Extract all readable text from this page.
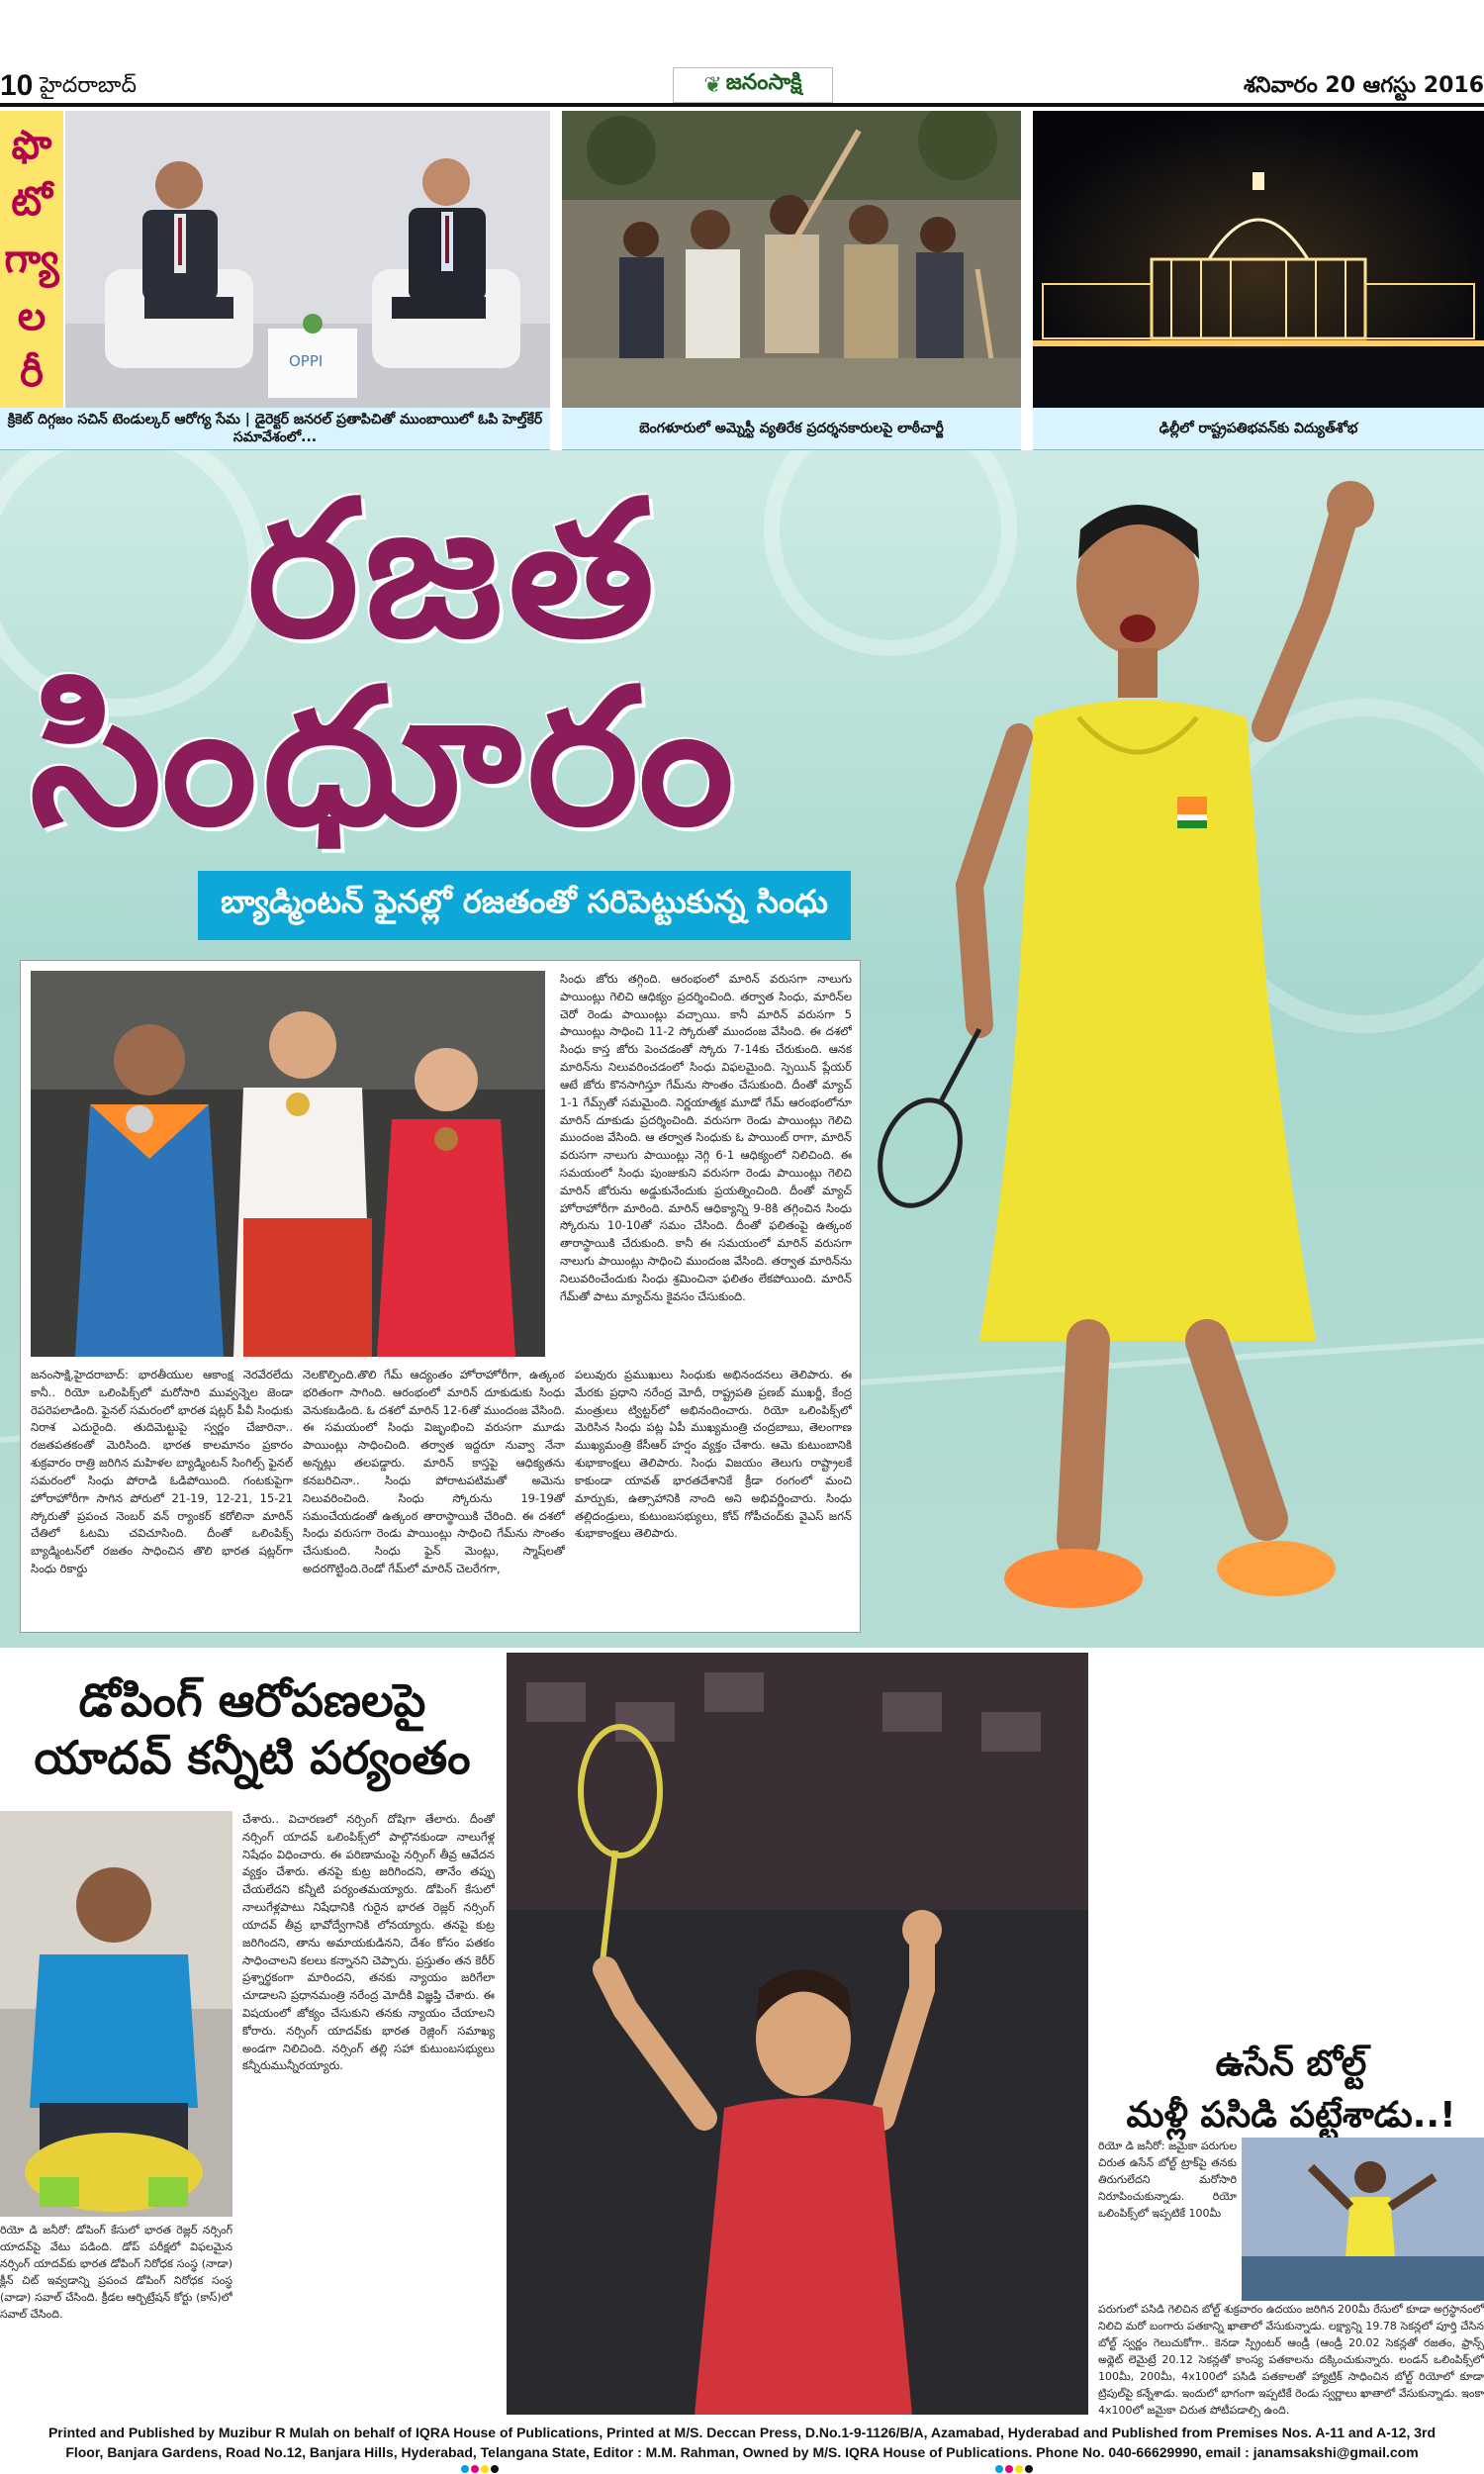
10 హైదరాబాద్	❦ జనంసాక్షి	శనివారం 20 ఆగస్టు 2016
ఫొ
టో
గ్యా
ల
రీ	OPPI
క్రికెట్ దిగ్గజం సచిన్ టెండుల్కర్ ఆరోగ్య సేమ | డైరెక్టర్ జనరల్ ప్రతాపిచితో ముంబాయిలో ఓపి హెల్త్‌కేర్ సమావేశంలో...
బెంగళూరులో అమ్నెస్టీ వ్యతిరేక ప్రదర్శనకారులపై లాఠీచార్జీ	ఢిల్లీలో రాష్ట్రపతిభవన్‌కు విద్యుత్‌శోభ
రజత
సింధూరం
బ్యాడ్మింటన్ ఫైనల్లో రజతంతో సరిపెట్టుకున్న సింధు
సింధు జోరు తగ్గింది. ఆరంభంలో మారిన్ వరుసగా నాలుగు పాయింట్లు గెలిచి ఆధిక్యం ప్రదర్శించింది. తర్వాత సింధు, మారిన్‌ల చెరో రెండు పాయింట్లు వచ్చాయి. కానీ మారిన్ వరుసగా 5 పాయింట్లు సాధించి 11-2 స్కోరుతో ముందంజ వేసింది. ఈ దశలో సింధు కాస్త జోరు పెంచడంతో స్కోరు 7-14కు చేరుకుంది. ఆనక మారిన్‌ను నిలువరించడంలో సింధు విఫలమైంది. స్పెయిన్ ప్లేయర్ ఆటే జోరు కొనసాగిస్తూ గేమ్‌ను సొంతం చేసుకుంది. దీంతో మ్యాచ్ 1-1 గేమ్స్‌తో సమమైంది. నిర్ణయాత్మక మూడో గేమ్ ఆరంభంలోనూ మారిన్ దూకుడు ప్రదర్శించింది. వరుసగా రెండు పాయింట్లు గెలిచి ముందంజ వేసింది. ఆ తర్వాత సింధుకు ఓ పాయింట్ రాగా, మారిన్ వరుసగా నాలుగు పాయింట్లు నెగ్గి 6-1 ఆధిక్యంలో నిలిచింది. ఈ సమయంలో సింధు పుంజుకుని వరుసగా రెండు పాయింట్లు గెలిచి మారిన్ జోరును అడ్డుకునేందుకు ప్రయత్నించింది. దీంతో మ్యాచ్ హోరాహోరీగా మారింది. మారిన్ ఆధిక్యాన్ని 9-8కి తగ్గించిన సింధు స్కోరును 10-10తో సమం చేసింది. దీంతో ఫలితంపై ఉత్కంఠ తారాస్థాయికి చేరుకుంది. కానీ ఈ సమయంలో మారిన్ వరుసగా నాలుగు పాయింట్లు సాధించి ముందంజ వేసింది. తర్వాత మారిన్‌ను నిలువరించేందుకు సింధు శ్రమించినా ఫలితం లేకపోయింది. మారిన్ గేమ్‌తో పాటు మ్యాచ్‌ను కైవసం చేసుకుంది.
జనంసాక్షి,హైదరాబాద్: భారతీయుల ఆకాంక్ష నెరవేరలేదు కానీ.. రియో ఒలింపిక్స్‌లో మరోసారి మువ్వన్నెల జెండా రెపరెపలాడింది. ఫైనల్ సమరంలో భారత షట్లర్ పీవీ సింధుకు నిరాశ ఎదురైంది. తుదిమెట్టుపై స్వర్ణం చేజారినా.. రజతపతకంతో మెరిసింది. భారత కాలమానం ప్రకారం శుక్రవారం రాత్రి జరిగిన మహిళల బ్యాడ్మింటన్ సింగిల్స్ ఫైనల్ సమరంలో సింధు పోరాడి ఓడిపోయింది. గంటకుపైగా హోరాహోరీగా సాగిన పోరులో 21-19, 12-21, 15-21 స్కోరుతో ప్రపంచ నెంబర్ వన్ ర్యాంకర్ కరోలినా మారిన్ చేతిలో ఓటమి చవిచూసింది. దీంతో ఒలింపిక్స్ బ్యాడ్మింటన్‌లో రజతం సాధించిన తొలి భారత షట్లర్‌గా సింధు రికార్డు
నెలకొల్పింది.తొలి గేమ్ ఆద్యంతం హోరాహోరీగా, ఉత్కంఠ భరితంగా సాగింది. ఆరంభంలో మారిన్ దూకుడుకు సింధు వెనుకబడింది. ఓ దశలో మారిన్ 12-6తో ముందంజ వేసింది. ఈ సమయంలో సింధు విజృంభించి వరుసగా మూడు పాయింట్లు సాధించింది. తర్వాత ఇద్దరూ నువ్వా నేనా అన్నట్లు తలపడ్డారు. మారిన్ కాస్తపై ఆధిక్యతను కనబరిచినా.. సింధు పోరాటపటిమతో అమెను నిలువరించింది. సింధు స్కోరును 19-19తో సమంచేయడంతో ఉత్కంఠ తారాస్థాయికి చేరింది. ఈ దశలో సింధు వరుసగా రెండు పాయింట్లు సాధించి గేమ్‌ను సొంతం చేసుకుంది. సింధు ఫైన్ మెంట్లు, స్మాష్‌లతో అదరగొట్టింది.రెండో గేమ్‌లో మారిన్ చెలరేగగా,
పలువురు ప్రముఖులు సింధుకు అభినందనలు తెలిపారు. ఈ మేరకు ప్రధాని నరేంద్ర మోదీ, రాష్ట్రపతి ప్రణబ్ ముఖర్జీ, కేంద్ర మంత్రులు ట్విట్టర్‌లో అభినందించారు. రియో ఒలింపిక్స్‌లో మెరిసిన సింధు పట్ల ఏపీ ముఖ్యమంత్రి చంద్రబాబు, తెలంగాణ ముఖ్యమంత్రి కేసీఆర్ హర్షం వ్యక్తం చేశారు. ఆమె కుటుంబానికి శుభాకాంక్షలు తెలిపారు. సింధు విజయం తెలుగు రాష్ట్రాలకే కాకుండా యావత్ భారతదేశానికే క్రీడా రంగంలో మంచి మార్పుకు, ఉత్సాహానికి నాంది అని అభివర్ణించారు. సింధు తల్లిదండ్రులు, కుటుంబసభ్యులు, కోచ్ గోపీచంద్‌కు వైఎస్ జగన్ శుభాకాంక్షలు తెలిపారు.
డోపింగ్ ఆరోపణలపై
యాదవ్ కన్నీటి పర్యంతం
రియో డి జనీరో: డోపింగ్ కేసులో భారత రెజ్లర్ నర్సింగ్ యాదవ్‌పై వేటు పడింది. డోప్ పరీక్షలో విఫలమైన నర్సింగ్ యాదవ్‌కు భారత డోపింగ్ నిరోధక సంస్థ (నాడా) క్లీన్ చిట్ ఇవ్వడాన్ని ప్రపంచ డోపింగ్ నిరోధక సంస్థ (వాడా) సవాల్ చేసింది. క్రీడల ఆర్బిట్రేషన్ కోర్టు (కాస్)లో సవాల్ చేసింది.
చేశారు.. విచారణలో నర్సింగ్ దోషిగా తేలారు. దీంతో నర్సింగ్ యాదవ్ ఒలింపిక్స్‌లో పాల్గొనకుండా నాలుగేళ్ల నిషేధం విధించారు. ఈ పరిణామంపై నర్సింగ్ తీవ్ర ఆవేదన వ్యక్తం చేశారు. తనపై కుట్ర జరిగిందని, తానేం తప్పు చేయలేదని కన్నీటి పర్యంతమయ్యారు. డోపింగ్ కేసులో నాలుగేళ్లపాటు నిషేధానికి గురైన భారత రెజ్లర్ నర్సింగ్ యాదవ్ తీవ్ర భావోద్వేగానికి లోనయ్యారు. తనపై కుట్ర జరిగిందని, తాను అమాయకుడినని, దేశం కోసం పతకం సాధించాలని కలలు కన్నానని చెప్పారు. ప్రస్తుతం తన కెరీర్ ప్రశ్నార్థకంగా మారిందని, తనకు న్యాయం జరిగేలా చూడాలని ప్రధానమంత్రి నరేంద్ర మోదీకి విజ్ఞప్తి చేశారు. ఈ విషయంలో జోక్యం చేసుకుని తనకు న్యాయం చేయాలని కోరారు. నర్సింగ్ యాదవ్‌కు భారత రెజ్లింగ్ సమాఖ్య అండగా నిలిచింది. నర్సింగ్ తల్లి సహా కుటుంబసభ్యులు కన్నీరుమున్నీరయ్యారు.	ఉసేన్ బోల్ట్
మళ్లీ పసిడి పట్టేశాడు..!
రియో డి జనీరో: జమైకా పరుగుల చిరుత ఉసేన్ బోల్ట్ ట్రాక్‌పై తనకు తిరుగులేదని మరోసారి నిరూపించుకున్నాడు. రియో ఒలింపిక్స్‌లో ఇప్పటికే 100మీ
పరుగులో పసిడి గెలిచిన బోల్ట్ శుక్రవారం ఉదయం జరిగిన 200మీ రేసులో కూడా అగ్రస్థానంలో నిలిచి మరో బంగారు పతకాన్ని ఖాతాలో వేసుకున్నాడు. లక్ష్యాన్ని 19.78 సెకన్లలో పూర్తి చేసిన బోల్ట్ స్వర్ణం గెలుచుకోగా.. కెనడా స్ప్రింటర్ ఆండ్రీ (ఆండ్రీ 20.02 సెకన్లతో రజతం, ఫ్రాన్స్ అథ్లెట్ లెమైట్రే 20.12 సెకన్లతో కాంస్య పతకాలను దక్కించుకున్నారు. లండన్ ఒలింపిక్స్‌లో 100మీ, 200మీ, 4x100లో పసిడి పతకాలతో హ్యాట్రిక్ సాధించిన బోల్ట్ రియోలో కూడా ట్రిపుల్‌పై కన్నేశాడు. ఇందులో భాగంగా ఇప్పటికే రెండు స్వర్ణాలు ఖాతాలో వేసుకున్నాడు. ఇంకా 4x100లో జమైకా చిరుత పోటీపడాల్సి ఉంది.
Printed and Published by Muzibur R Mulah on behalf of IQRA House of Publications, Printed at M/S. Deccan Press, D.No.1-9-1126/B/A, Azamabad, Hyderabad and Published from Premises Nos. A-11 and A-12, 3rd
Floor, Banjara Gardens, Road No.12, Banjara Hills, Hyderabad, Telangana State, Editor : M.M. Rahman, Owned by M/S. IQRA House of Publications. Phone No. 040-66629990, email : janamsakshi@gmail.com
